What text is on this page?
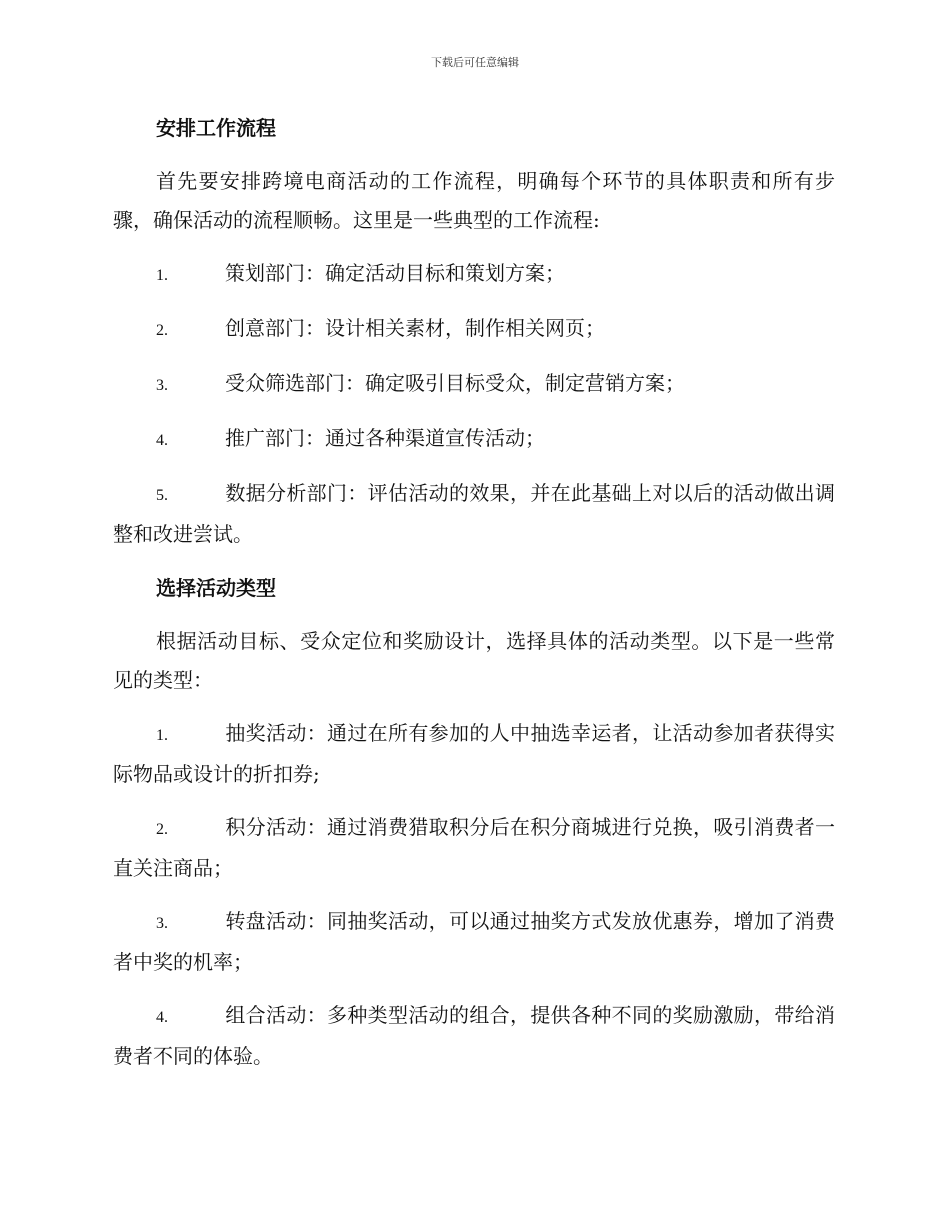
下载后可任意编辑
安排工作流程

首先要安排跨境电商活动的工作流程，明确每个环节的具体职责和所有步骤，确保活动的流程顺畅。这里是一些典型的工作流程:

1.	策划部门：确定活动目标和策划方案；
2.	创意部门：设计相关素材，制作相关网页；
3.	受众筛选部门：确定吸引目标受众，制定营销方案；
4.	推广部门：通过各种渠道宣传活动；
5.	数据分析部门：评估活动的效果，并在此基础上对以后的活动做出调整和改进尝试。
选择活动类型

根据活动目标、受众定位和奖励设计，选择具体的活动类型。以下是一些常见的类型：

1.	抽奖活动：通过在所有参加的人中抽选幸运者，让活动参加者获得实际物品或设计的折扣券;
2.	积分活动：通过消费猎取积分后在积分商城进行兑换，吸引消费者一直关注商品；
3.	转盘活动：同抽奖活动，可以通过抽奖方式发放优惠券，增加了消费者中奖的机率；
4.	组合活动：多种类型活动的组合，提供各种不同的奖励激励，带给消费者不同的体验。
